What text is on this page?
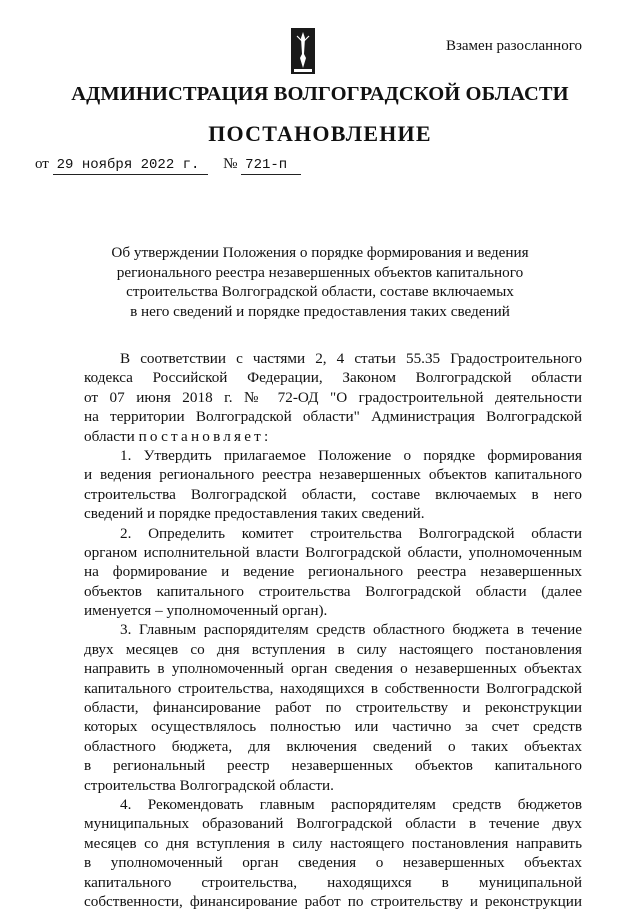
Взамен разосланного
АДМИНИСТРАЦИЯ ВОЛГОГРАДСКОЙ ОБЛАСТИ
ПОСТАНОВЛЕНИЕ
от 29 ноября 2022 г. № 721-п
Об утверждении Положения о порядке формирования и ведения
регионального реестра незавершенных объектов капитального
строительства Волгоградской области, составе включаемых
в него сведений и порядке предоставления таких сведений
В соответствии с частями 2, 4 статьи 55.35 Градостроительного
кодекса Российской Федерации, Законом Волгоградской области
от 07 июня 2018 г. № 72-ОД "О градостроительной деятельности
на территории Волгоградской области" Администрация Волгоградской
области постановляет:
1. Утвердить прилагаемое Положение о порядке формирования
и ведения регионального реестра незавершенных объектов капитального
строительства Волгоградской области, составе включаемых в него
сведений и порядке предоставления таких сведений.
2. Определить комитет строительства Волгоградской области
органом исполнительной власти Волгоградской области, уполномоченным
на формирование и ведение регионального реестра незавершенных
объектов капитального строительства Волгоградской области (далее
именуется – уполномоченный орган).
3. Главным распорядителям средств областного бюджета в течение
двух месяцев со дня вступления в силу настоящего постановления
направить в уполномоченный орган сведения о незавершенных объектах
капитального строительства, находящихся в собственности Волгоградской
области, финансирование работ по строительству и реконструкции
которых осуществлялось полностью или частично за счет средств
областного бюджета, для включения сведений о таких объектах
в региональный реестр незавершенных объектов капитального
строительства Волгоградской области.
4. Рекомендовать главным распорядителям средств бюджетов
муниципальных образований Волгоградской области в течение двух
месяцев со дня вступления в силу настоящего постановления направить
в уполномоченный орган сведения о незавершенных объектах
капитального строительства, находящихся в муниципальной
собственности, финансирование работ по строительству и реконструкции
